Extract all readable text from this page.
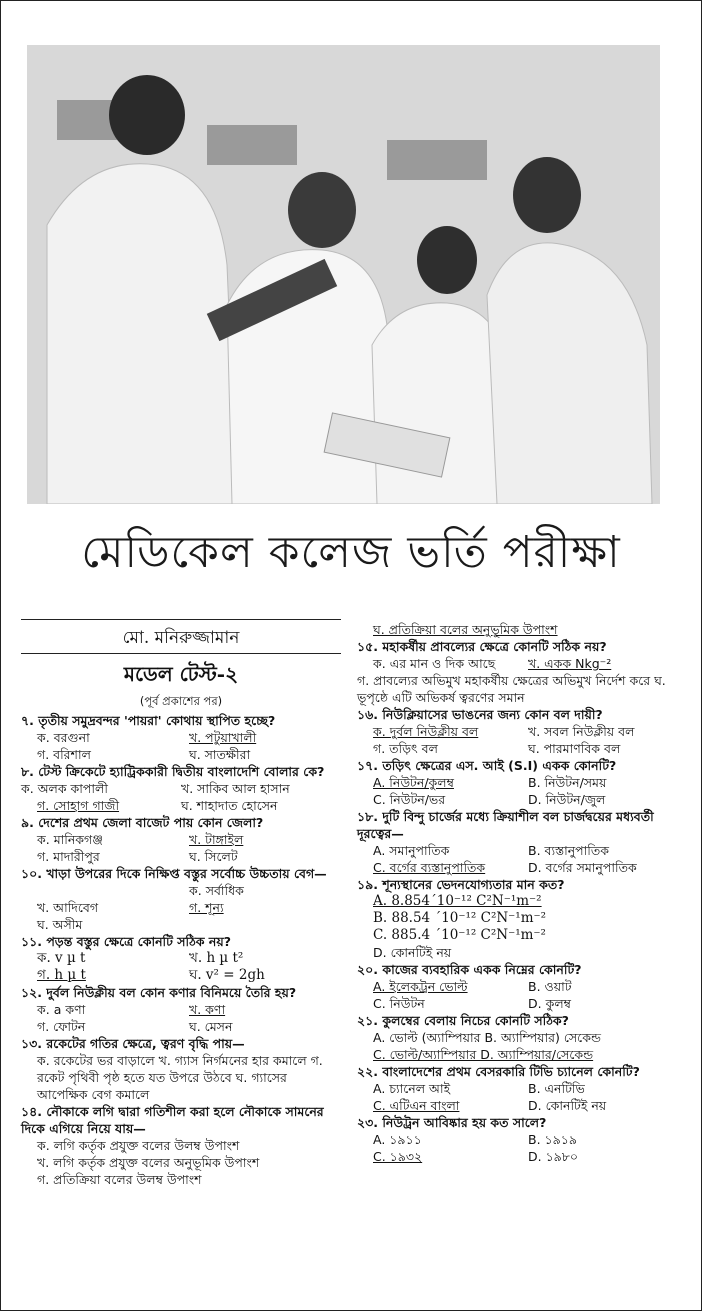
মেডিকেল কলেজ ভর্তি পরীক্ষা
মো. মনিরুজ্জামান
মডেল টেস্ট-২
(পূর্ব প্রকাশের পর)
৭. তৃতীয় সমুদ্রবন্দর 'পায়রা' কোথায় স্থাপিত হচ্ছে?
ক. বরগুনা	খ. পটুয়াখালী
গ. বরিশাল	ঘ. সাতক্ষীরা
৮. টেস্ট ক্রিকেটে হ্যাট্রিককারী দ্বিতীয় বাংলাদেশি বোলার কে?
ক. অলক কাপালী	খ. সাকিব আল হাসান
গ. সোহাগ গাজী	ঘ. শাহাদাত হোসেন
৯. দেশের প্রথম জেলা বাজেট পায় কোন জেলা?
ক. মানিকগঞ্জ	খ. টাঙ্গাইল
গ. মাদারীপুর	ঘ. সিলেট
১০. খাড়া উপরের দিকে নিক্ষিপ্ত বস্তুর সর্বোচ্চ উচ্চতায় বেগ—
ক. সর্বাধিক
খ. আদিবেগ	গ. শূন্য
ঘ. অসীম
১১. পড়ন্ত বস্তুর ক্ষেত্রে কোনটি সঠিক নয়?
ক. v µ t	খ. h µ t²
গ. h µ t	ঘ. v² = 2gh
১২. দুর্বল নিউক্লীয় বল কোন কণার বিনিময়ে তৈরি হয়?
ক. a কণা	খ. কণা
গ. ফোটন	ঘ. মেসন
১৩. রকেটের গতির ক্ষেত্রে, ত্বরণ বৃদ্ধি পায়—
ক. রকেটের ভর বাড়ালে খ. গ্যাস নির্গমনের হার কমালে গ. রকেট পৃথিবী পৃষ্ঠ হতে যত উপরে উঠবে ঘ. গ্যাসের আপেক্ষিক বেগ কমালে
১৪. নৌকাকে লগি দ্বারা গতিশীল করা হলে নৌকাকে সামনের দিকে এগিয়ে নিয়ে যায়—
ক. লগি কর্তৃক প্রযুক্ত বলের উলম্ব উপাংশ
খ. লগি কর্তৃক প্রযুক্ত বলের অনুভূমিক উপাংশ
গ. প্রতিক্রিয়া বলের উলম্ব উপাংশ
ঘ. প্রতিক্রিয়া বলের অনুভূমিক উপাংশ
১৫. মহাকর্ষীয় প্রাবল্যের ক্ষেত্রে কোনটি সঠিক নয়?
ক. এর মান ও দিক আছে	খ. একক Nkg⁻²
গ. প্রাবল্যের অভিমুখ মহাকর্ষীয় ক্ষেত্রের অভিমুখ নির্দেশ করে ঘ. ভূপৃষ্ঠে এটি অভিকর্ষ ত্বরণের সমান
১৬. নিউক্লিয়াসের ভাঙনের জন্য কোন বল দায়ী?
ক. দুর্বল নিউক্লীয় বল	খ. সবল নিউক্লীয় বল
গ. তড়িৎ বল	ঘ. পারমাণবিক বল
১৭. তড়িৎ ক্ষেত্রের এস. আই (S.I) একক কোনটি?
A. নিউটন/কুলম্ব	B. নিউটন/সময়
C. নিউটন/ভর	D. নিউটন/জুল
১৮. দুটি বিন্দু চার্জের মধ্যে ক্রিয়াশীল বল চার্জদ্বয়ের মধ্যবর্তী দূরত্বের—
A. সমানুপাতিক	B. ব্যস্তানুপাতিক
C. বর্গের ব্যস্তানুপাতিক	D. বর্গের সমানুপাতিক
১৯. শূন্যস্থানের ভেদনযোগ্যতার মান কত?
A. 8.854´10⁻¹² C²N⁻¹m⁻²
B. 88.54 ´10⁻¹² C²N⁻¹m⁻²
C. 885.4 ´10⁻¹² C²N⁻¹m⁻²
D. কোনটিই নয়
২০. কাজের ব্যবহারিক একক নিম্নের কোনটি?
A. ইলেকট্রন ভোল্ট	B. ওয়াট
C. নিউটন	D. কুলম্ব
২১. কুলম্বের বেলায় নিচের কোনটি সঠিক?
A. ভোল্ট (অ্যাম্পিয়ার B. অ্যাম্পিয়ার) সেকেন্ড
C. ভোল্ট/অ্যাম্পিয়ার D. অ্যাম্পিয়ার/সেকেন্ড
২২. বাংলাদেশের প্রথম বেসরকারি টিভি চ্যানেল কোনটি?
A. চ্যানেল আই	B. এনটিভি
C. এটিএন বাংলা	D. কোনটিই নয়
২৩. নিউট্রন আবিষ্কার হয় কত সালে?
A. ১৯১১	B. ১৯১৯
C. ১৯৩২	D. ১৯৮০
